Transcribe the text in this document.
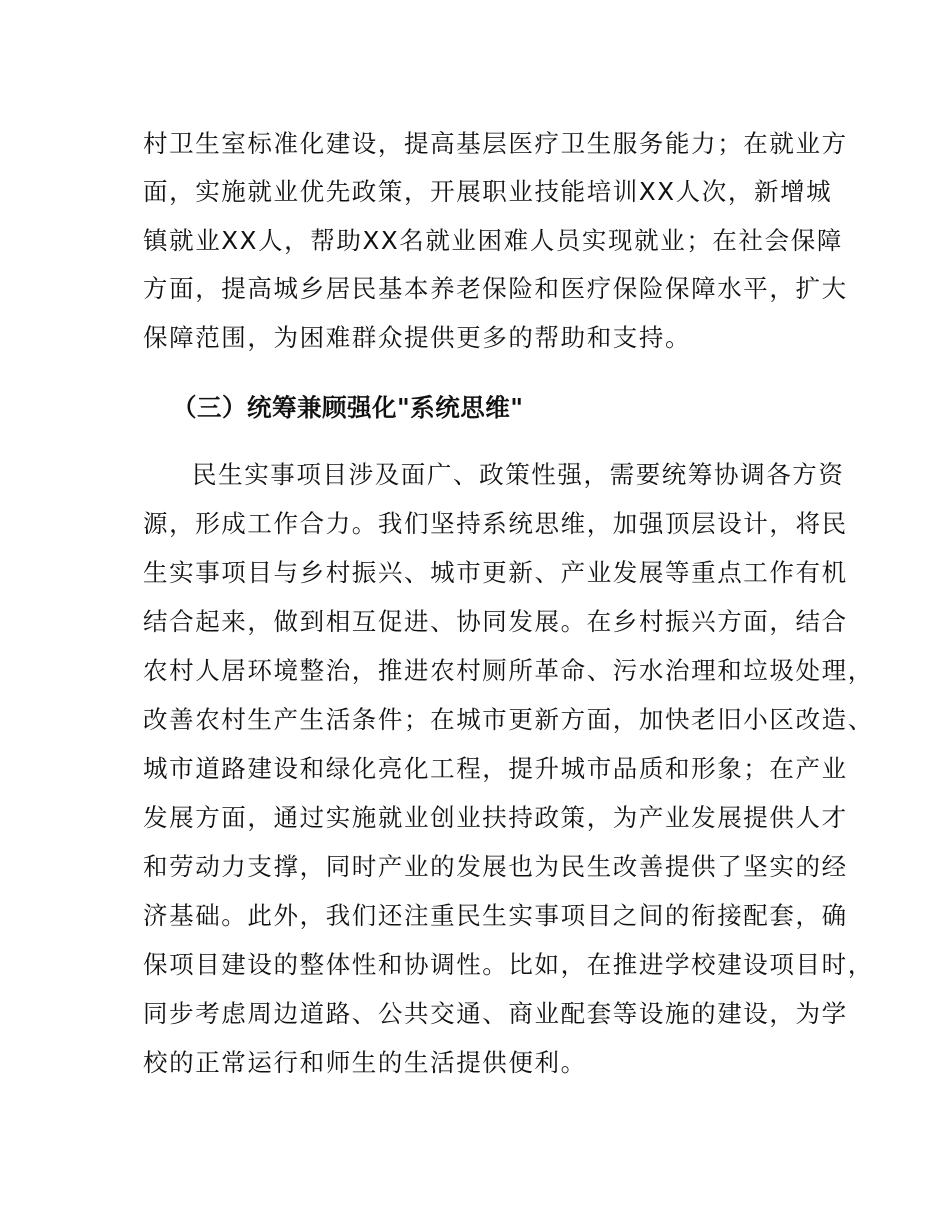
村卫生室标准化建设，提高基层医疗卫生服务能力；在就业方
面，实施就业优先政策，开展职业技能培训XX人次，新增城
镇就业XX人，帮助XX名就业困难人员实现就业；在社会保障
方面，提高城乡居民基本养老保险和医疗保险保障水平，扩大
保障范围，为困难群众提供更多的帮助和支持。
（三）统筹兼顾强化"系统思维"
民生实事项目涉及面广、政策性强，需要统筹协调各方资
源，形成工作合力。我们坚持系统思维，加强顶层设计，将民
生实事项目与乡村振兴、城市更新、产业发展等重点工作有机
结合起来，做到相互促进、协同发展。在乡村振兴方面，结合
农村人居环境整治，推进农村厕所革命、污水治理和垃圾处理，
改善农村生产生活条件；在城市更新方面，加快老旧小区改造、
城市道路建设和绿化亮化工程，提升城市品质和形象；在产业
发展方面，通过实施就业创业扶持政策，为产业发展提供人才
和劳动力支撑，同时产业的发展也为民生改善提供了坚实的经
济基础。此外，我们还注重民生实事项目之间的衔接配套，确
保项目建设的整体性和协调性。比如，在推进学校建设项目时，
同步考虑周边道路、公共交通、商业配套等设施的建设，为学
校的正常运行和师生的生活提供便利。
